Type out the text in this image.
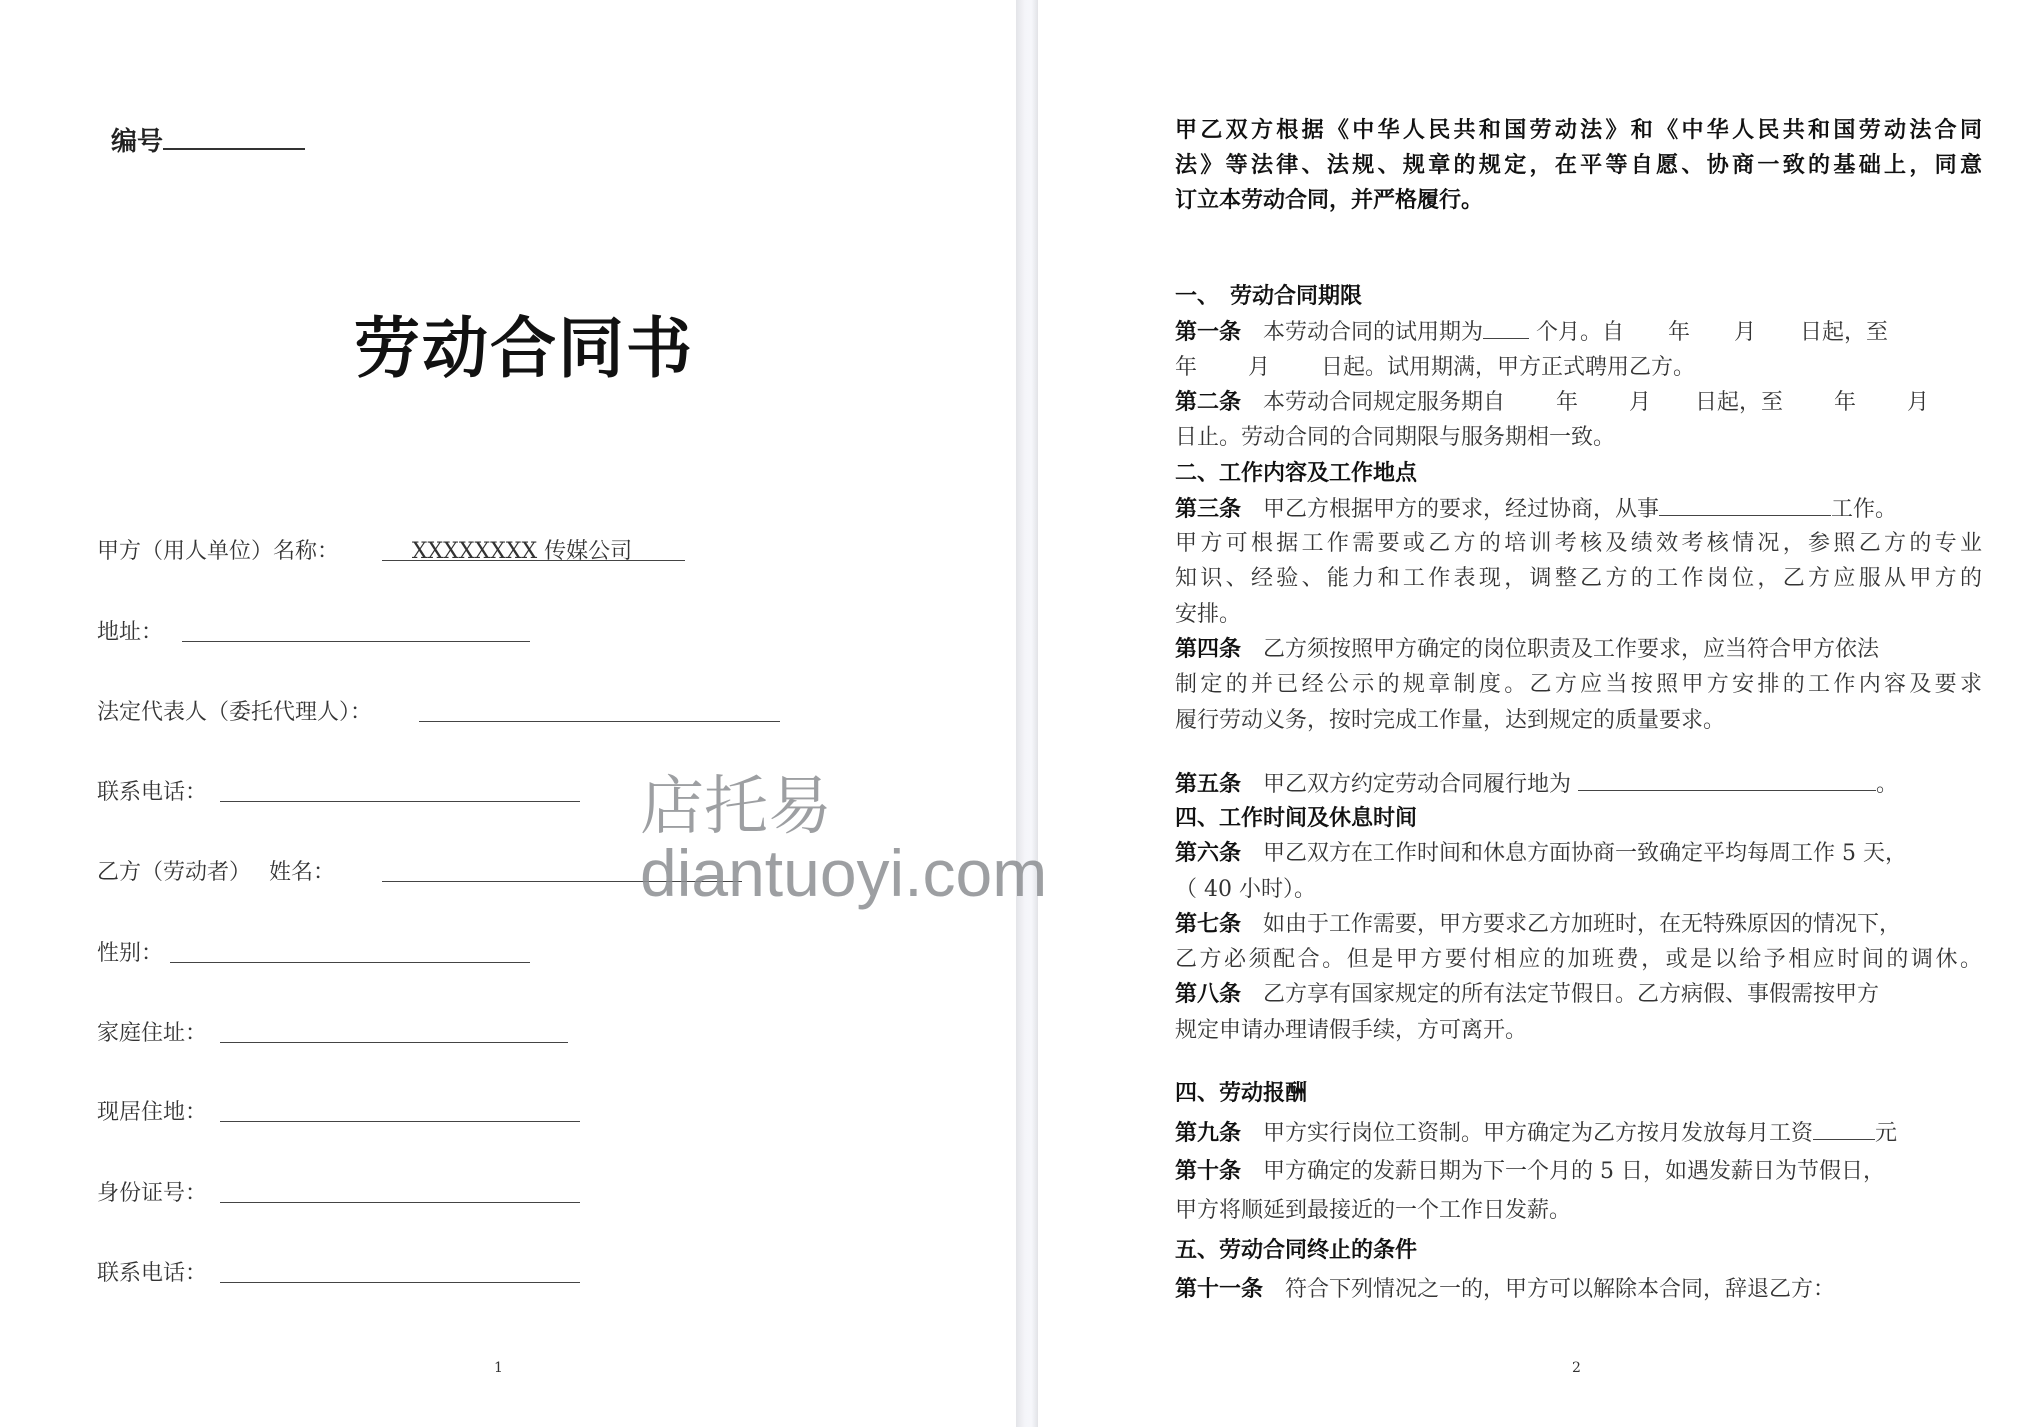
编号
劳动合同书
甲方（用人单位）名称：	XXXXXXXX 传媒公司
地址：
法定代表人（委托代理人）：
联系电话：
乙方（劳动者）　 姓名：
性别：
家庭住址：
现居住地：
身份证号：
联系电话：
1
甲乙双方根据《中华人民共和国劳动法》和《中华人民共和国劳动法合同
法》等法律、法规、规章的规定，在平等自愿、协商一致的基础上，同意
订立本劳动合同，并严格履行。
一、　劳动合同期限
第一条　本劳动合同的试用期为 个月。自　　年　　月　　日起，至
年　　 月　　 日起。试用期满，甲方正式聘用乙方。
第二条　本劳动合同规定服务期自　　 年　　 月　　日起，至　　 年　　 月
日止。劳动合同的合同期限与服务期相一致。
二、工作内容及工作地点
第三条　甲乙方根据甲方的要求，经过协商，从事	工作。
甲方可根据工作需要或乙方的培训考核及绩效考核情况，参照乙方的专业
知识、经验、能力和工作表现，调整乙方的工作岗位，乙方应服从甲方的
安排。
第四条　乙方须按照甲方确定的岗位职责及工作要求，应当符合甲方依法
制定的并已经公示的规章制度。乙方应当按照甲方安排的工作内容及要求
履行劳动义务，按时完成工作量，达到规定的质量要求。
第五条　甲乙双方约定劳动合同履行地为	。
四、工作时间及休息时间
第六条　甲乙双方在工作时间和休息方面协商一致确定平均每周工作 5 天，
（ 40 小时）。
第七条　如由于工作需要，甲方要求乙方加班时，在无特殊原因的情况下，
乙方必须配合。但是甲方要付相应的加班费，或是以给予相应时间的调休。
第八条　乙方享有国家规定的所有法定节假日。乙方病假、事假需按甲方
规定申请办理请假手续，方可离开。
四、劳动报酬
第九条　甲方实行岗位工资制。甲方确定为乙方按月发放每月工资	元
第十条　甲方确定的发薪日期为下一个月的 5 日，如遇发薪日为节假日，
甲方将顺延到最接近的一个工作日发薪。
五、劳动合同终止的条件
第十一条　符合下列情况之一的，甲方可以解除本合同，辞退乙方：
2
店托易
diantuoyi.com
